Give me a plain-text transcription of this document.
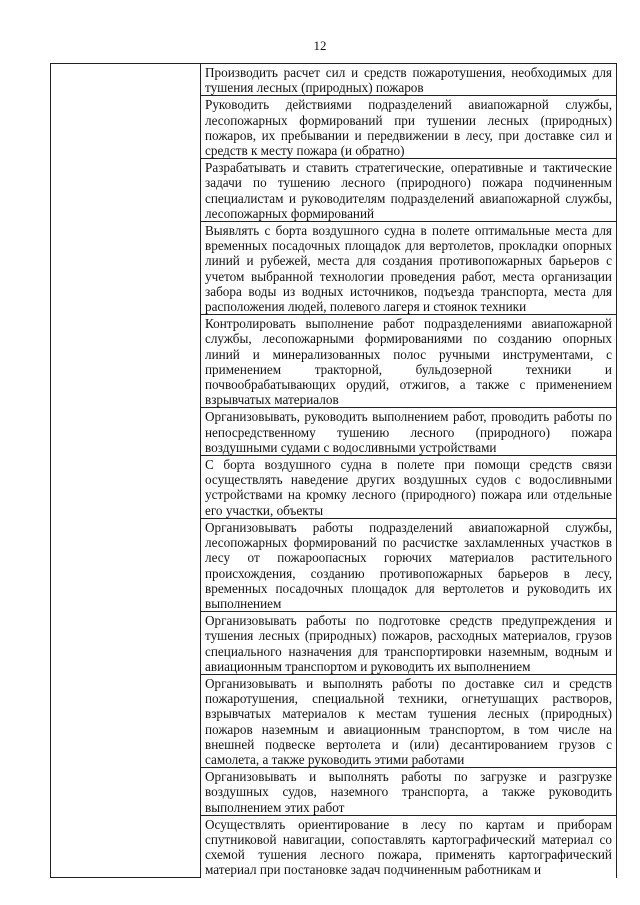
12

Производить расчет сил и средств пожаротушения, необходимых для тушения лесных (природных) пожаров

Руководить действиями подразделений авиапожарной службы, лесопожарных формирований при тушении лесных (природных) пожаров, их пребывании и передвижении в лесу, при доставке сил и средств к месту пожара (и обратно)

Разрабатывать и ставить стратегические, оперативные и тактические задачи по тушению лесного (природного) пожара подчиненным специалистам и руководителям подразделений авиапожарной службы, лесопожарных формирований

Выявлять с борта воздушного судна в полете оптимальные места для временных посадочных площадок для вертолетов, прокладки опорных линий и рубежей, места для создания противопожарных барьеров с учетом выбранной технологии проведения работ, места организации забора воды из водных источников, подъезда транспорта, места для расположения людей, полевого лагеря и стоянок техники

Контролировать выполнение работ подразделениями авиапожарной службы, лесопожарными формированиями по созданию опорных линий и минерализованных полос ручными инструментами, с применением тракторной, бульдозерной техники и почвообрабатывающих орудий, отжигов, а также с применением взрывчатых материалов

Организовывать, руководить выполнением работ, проводить работы по непосредственному тушению лесного (природного) пожара воздушными судами с водосливными устройствами

С борта воздушного судна в полете при помощи средств связи осуществлять наведение других воздушных судов с водосливными устройствами на кромку лесного (природного) пожара или отдельные его участки, объекты

Организовывать работы подразделений авиапожарной службы, лесопожарных формирований по расчистке захламленных участков в лесу от пожароопасных горючих материалов растительного происхождения, созданию противопожарных барьеров в лесу, временных посадочных площадок для вертолетов и руководить их выполнением

Организовывать работы по подготовке средств предупреждения и тушения лесных (природных) пожаров, расходных материалов, грузов специального назначения для транспортировки наземным, водным и авиационным транспортом и руководить их выполнением

Организовывать и выполнять работы по доставке сил и средств пожаротушения, специальной техники, огнетушащих растворов, взрывчатых материалов к местам тушения лесных (природных) пожаров наземным и авиационным транспортом, в том числе на внешней подвеске вертолета и (или) десантированием грузов с самолета, а также руководить этими работами

Организовывать и выполнять работы по загрузке и разгрузке воздушных судов, наземного транспорта, а также руководить выполнением этих работ

Осуществлять ориентирование в лесу по картам и приборам спутниковой навигации, сопоставлять картографический материал со схемой тушения лесного пожара, применять картографический материал при постановке задач подчиненным работникам и
